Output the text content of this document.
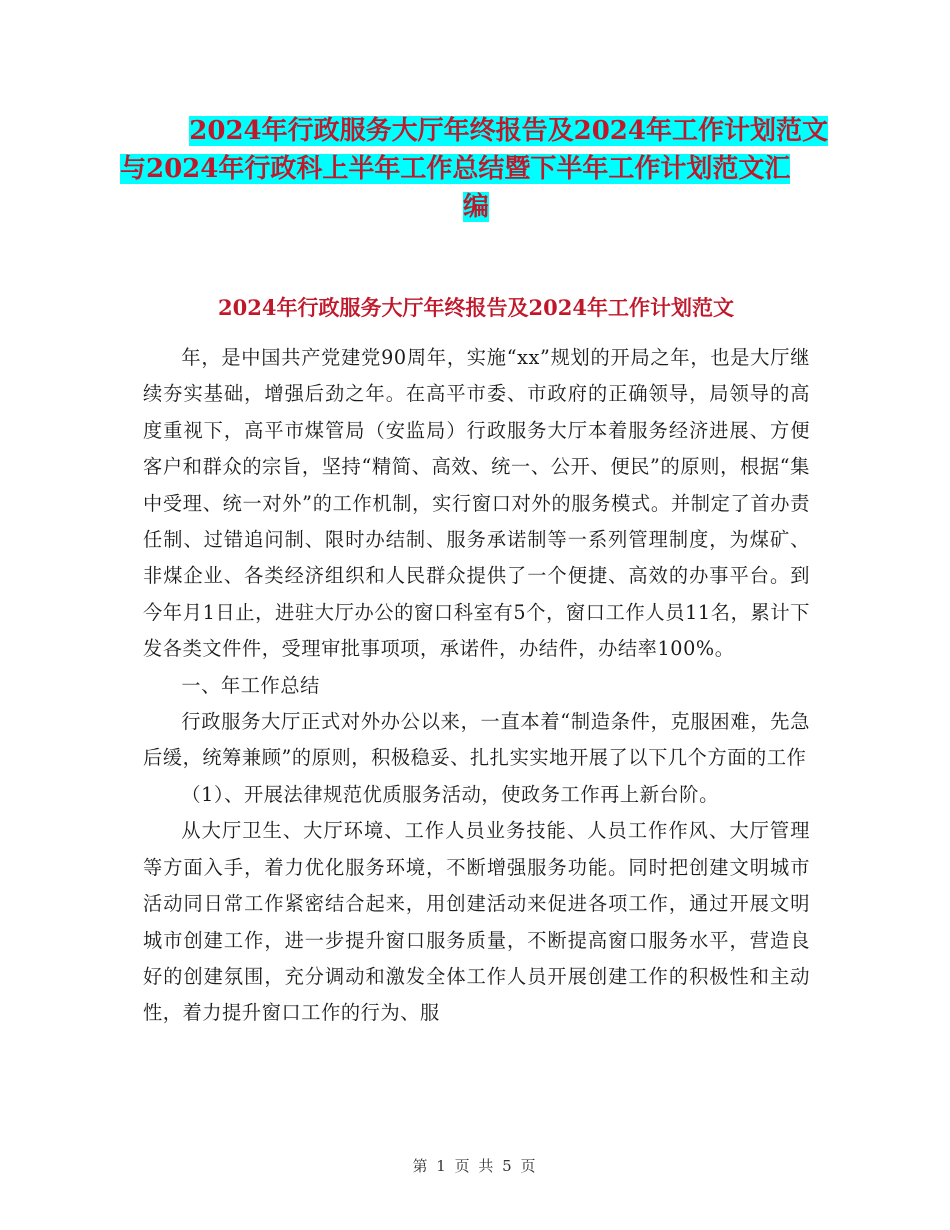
2024年行政服务大厅年终报告及2024年工作计划范文
与2024年行政科上半年工作总结暨下半年工作计划范文汇
编
2024年行政服务大厅年终报告及2024年工作计划范文

年，是中国共产党建党90周年，实施“xx”规划的开局之年，也是大厅继续夯实基础，增强后劲之年。在高平市委、市政府的正确领导，局领导的高度重视下，高平市煤管局（安监局）行政服务大厅本着服务经济进展、方便客户和群众的宗旨，坚持“精简、高效、统一、公开、便民”的原则，根据“集中受理、统一对外”的工作机制，实行窗口对外的服务模式。并制定了首办责任制、过错追问制、限时办结制、服务承诺制等一系列管理制度，为煤矿、非煤企业、各类经济组织和人民群众提供了一个便捷、高效的办事平台。到今年月1日止，进驻大厅办公的窗口科室有5个，窗口工作人员11名，累计下发各类文件件，受理审批事项项，承诺件，办结件，办结率100%。

一、年工作总结

行政服务大厅正式对外办公以来，一直本着“制造条件，克服困难，先急后缓，统筹兼顾”的原则，积极稳妥、扎扎实实地开展了以下几个方面的工作

（1）、开展法律规范优质服务活动，使政务工作再上新台阶。

从大厅卫生、大厅环境、工作人员业务技能、人员工作作风、大厅管理等方面入手，着力优化服务环境，不断增强服务功能。同时把创建文明城市活动同日常工作紧密结合起来，用创建活动来促进各项工作，通过开展文明城市创建工作，进一步提升窗口服务质量，不断提高窗口服务水平，营造良好的创建氛围，充分调动和激发全体工作人员开展创建工作的积极性和主动性，着力提升窗口工作的行为、服

第 1 页 共 5 页
